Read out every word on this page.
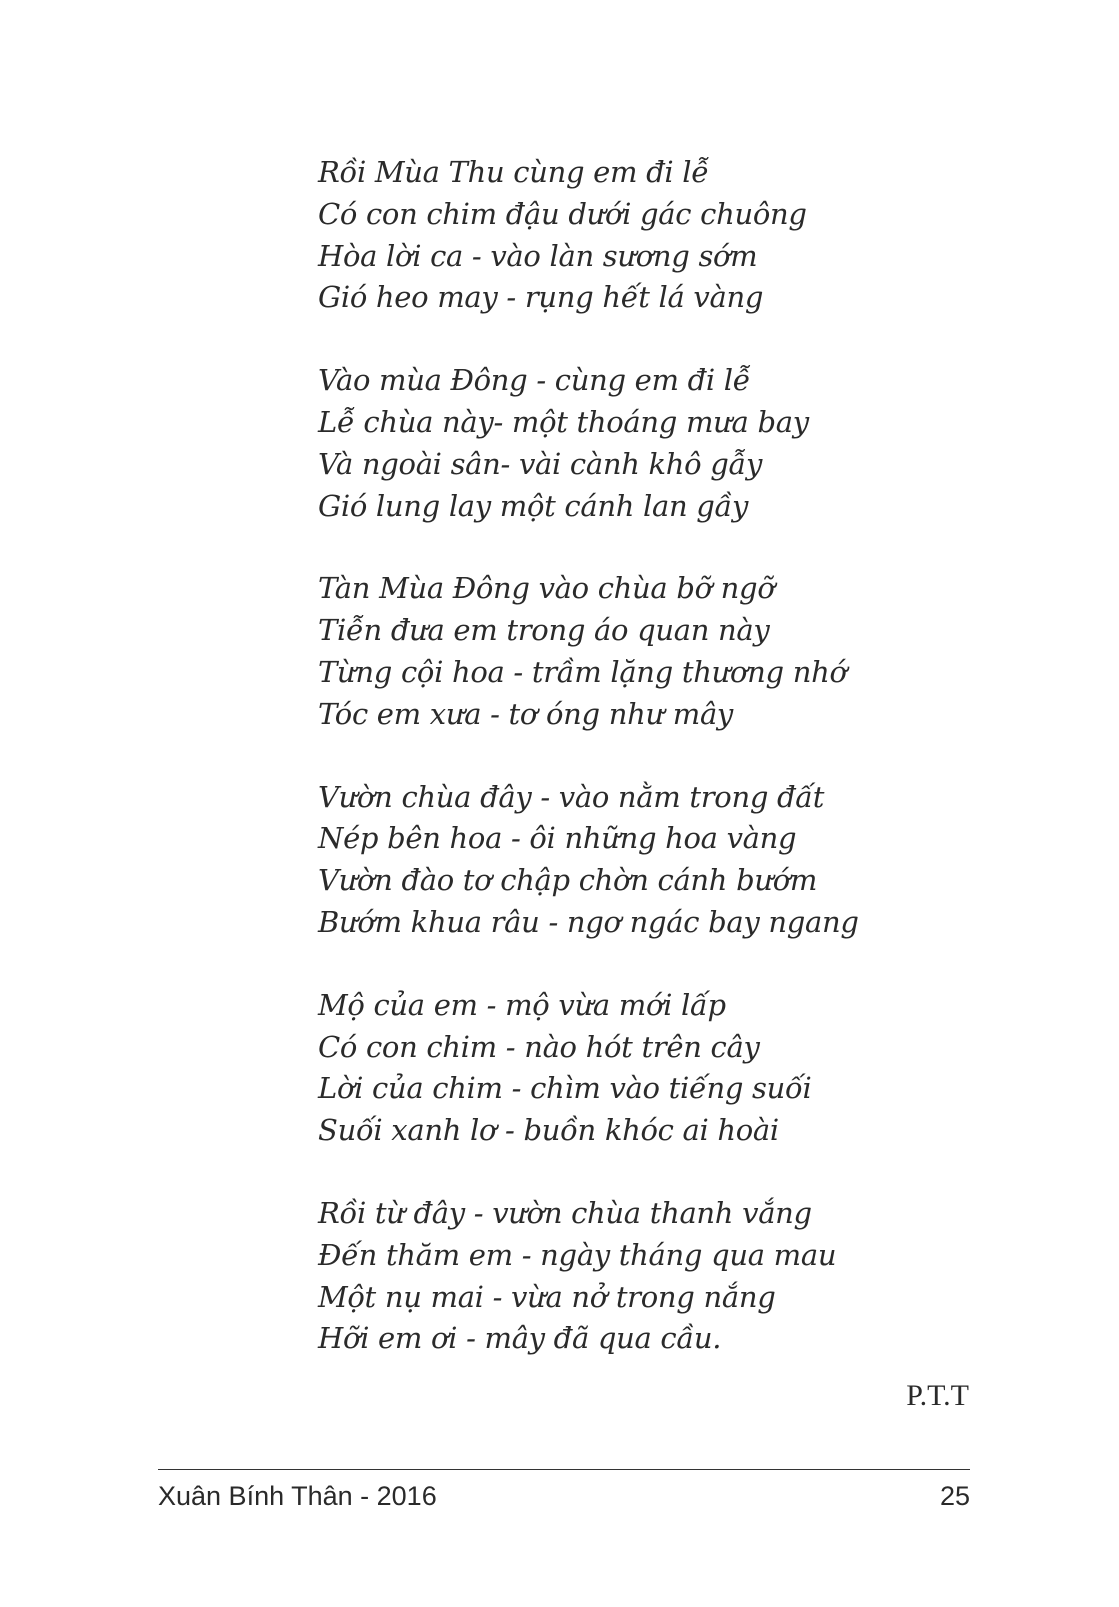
Rồi Mùa Thu cùng em đi lễ
Có con chim đậu dưới gác chuông
Hòa lời ca - vào làn sương sớm
Gió heo may - rụng hết lá vàng
Vào mùa Đông - cùng em đi lễ
Lễ chùa này- một thoáng mưa bay
Và ngoài sân- vài cành khô gẫy
Gió lung lay một cánh lan gầy
Tàn Mùa Đông vào chùa bỡ ngỡ
Tiễn đưa em trong áo quan này
Từng cội hoa - trầm lặng thương nhớ
Tóc em xưa - tơ óng như mây
Vườn chùa đây - vào nằm trong đất
Nép bên hoa - ôi những hoa vàng
Vườn đào tơ chập chờn cánh bướm
Bướm khua râu - ngơ ngác bay ngang
Mộ của em - mộ vừa mới lấp
Có con chim - nào hót trên cây
Lời của chim - chìm vào tiếng suối
Suối xanh lơ - buồn khóc ai hoài
Rồi từ đây - vườn chùa thanh vắng
Đến thăm em - ngày tháng qua mau
Một nụ mai - vừa nở trong nắng
Hỡi em ơi - mây đã qua cầu.
P.T.T
Xuân Bính Thân - 2016	25
